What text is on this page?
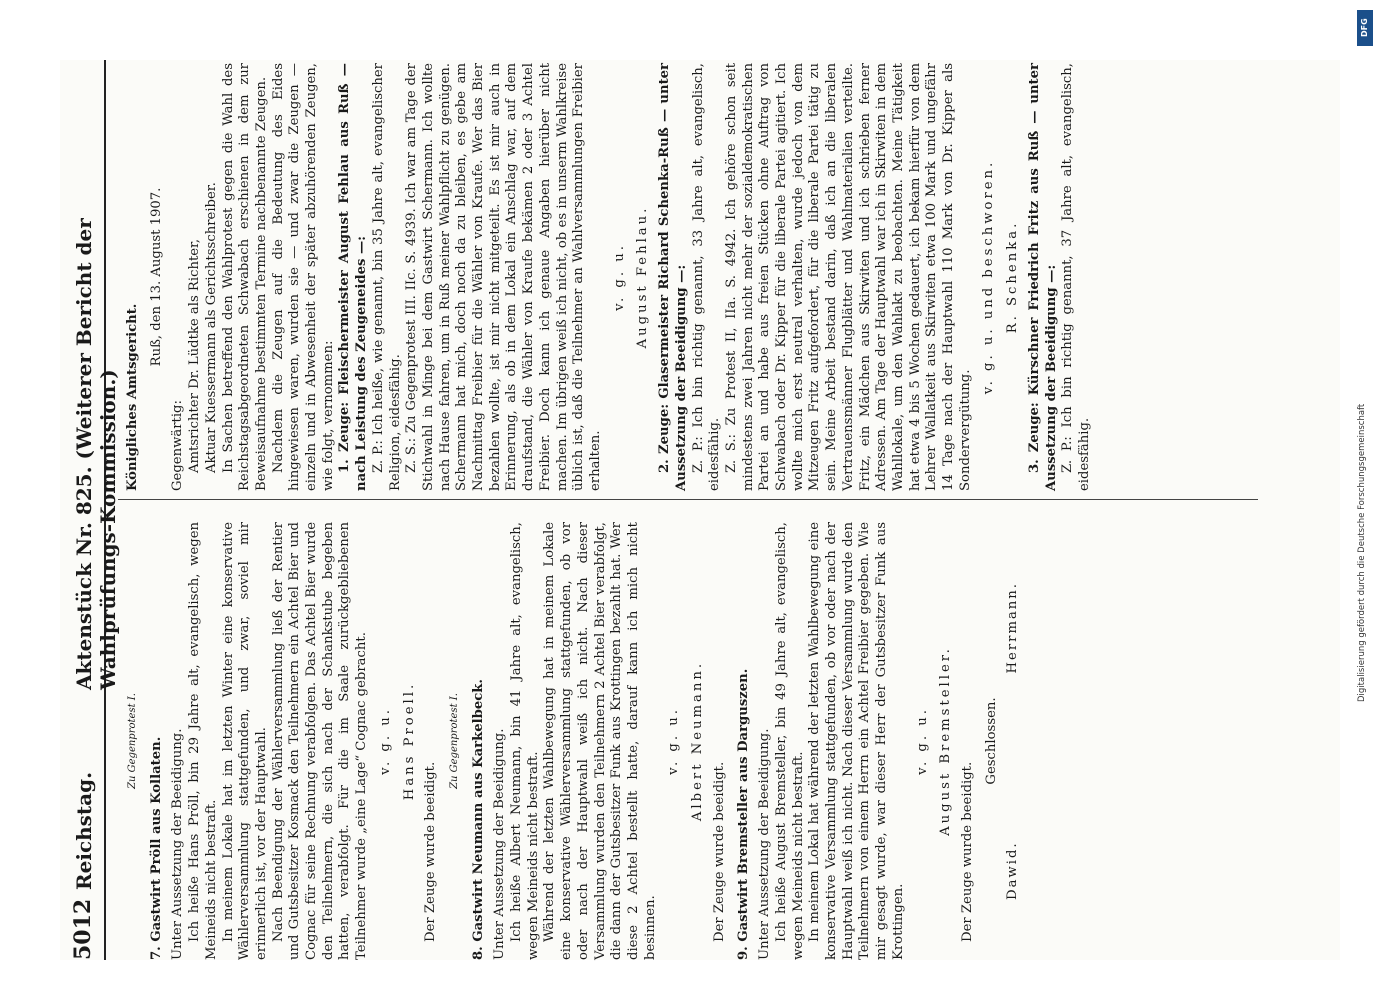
5012
Reichstag.
Aktenstück Nr. 825. (Weiterer Bericht der Wahlprüfungs-Kommission.)

Zu Gegenprotest I. 7. Gastwirt Pröll aus Kollaten. Unter Aussetzung der Beeidigung. Ich heiße Hans Pröll, bin 29 Jahre alt, evangelisch, wegen Meineids nicht bestraft. In meinem Lokale hat im letzten Winter eine konservative Wählerversammlung stattgefunden, und zwar, soviel mir erinnerlich ist, vor der Hauptwahl. Nach Beendigung der Wählerversammlung ließ der Rentier und Gutsbesitzer Kosmack den Teilnehmern ein Achtel Bier und Cognac für seine Rechnung verabfolgen. Das Achtel Bier wurde den Teilnehmern, die sich nach der Schankstube begeben hatten, verabfolgt. Für die im Saale zurückgebliebenen Teilnehmer wurde „eine Lage“ Cognac gebracht. v. g. u. Hans Proell.

Der Zeuge wurde beeidigt.

Zu Gegenprotest I. 8. Gastwirt Neumann aus Karkelbeck. Unter Aussetzung der Beeidigung. Ich heiße Albert Neumann, bin 41 Jahre alt, evangelisch, wegen Meineids nicht bestraft. Während der letzten Wahlbewegung hat in meinem Lokale eine konservative Wählerversammlung stattgefunden, ob vor oder nach der Hauptwahl weiß ich nicht. Nach dieser Versammlung wurden den Teilnehmern 2 Achtel Bier verabfolgt, die dann der Gutsbesitzer Funk aus Krottingen bezahlt hat. Wer diese 2 Achtel bestellt hatte, darauf kann ich mich nicht besinnen.

v. g. u. Albert Neumann.

Der Zeuge wurde beeidigt. 9. Gastwirt Bremsteller aus Darguszen. Unter Aussetzung der Beeidigung. Ich heiße August Bremsteller, bin 49 Jahre alt, evangelisch, wegen Meineids nicht bestraft. In meinem Lokal hat während der letzten Wahlbewegung eine konservative Versammlung stattgefunden, ob vor oder nach der Hauptwahl weiß ich nicht. Nach dieser Versammlung wurde den Teilnehmern von einem Herrn ein Achtel Freibier gegeben. Wie mir gesagt wurde, war dieser Herr der Gutsbesitzer Funk aus Krottingen.

v. g. u. August Bremsteller.

Der Zeuge wurde beeidigt.

Geschlossen.

Dawid.
Herrmann.

Königliches Amtsgericht.

Ruß, den 13. August 1907.

Gegenwärtig: Amtsrichter Dr. Lüdtke als Richter, Aktuar Kuessermann als Gerichtsschreiber. In Sachen betreffend den Wahlprotest gegen die Wahl des Reichstagsabgeordneten Schwabach erschienen in dem zur Beweisaufnahme bestimmten Termine nachbenannte Zeugen. Nachdem die Zeugen auf die Bedeutung des Eides hingewiesen waren, wurden sie — und zwar die Zeugen — einzeln und in Abwesenheit der später abzuhörenden Zeugen, wie folgt, vernommen: 1. Zeuge: Fleischermeister August Fehlau aus Ruß — nach Leistung des Zeugeneides —: Z. P.: Ich heiße, wie genannt, bin 35 Jahre alt, evangelischer Religion, eidesfähig. Z. S.: Zu Gegenprotest III. IIc. S. 4939. Ich war am Tage der Stichwahl in Minge bei dem Gastwirt Schermann. Ich wollte nach Hause fahren, um in Ruß meiner Wahlpflicht zu genügen. Schermann hat mich, doch noch da zu bleiben, es gebe am Nachmittag Freibier für die Wähler von Kraufe. Wer das Bier bezahlen wollte, ist mir nicht mitgeteilt. Es ist mir auch in Erinnerung, als ob in dem Lokal ein Anschlag war, auf dem draufstand, die Wähler von Kraufe bekämen 2 oder 3 Achtel Freibier. Doch kann ich genaue Angaben hierüber nicht machen. Im übrigen weiß ich nicht, ob es in unserm Wahlkreise üblich ist, daß die Teilnehmer an Wahlversammlungen Freibier erhalten.

v. g. u. August Fehlau. 2. Zeuge: Glasermeister Richard Schenka-Ruß — unter Aussetzung der Beeidigung —: Z. P.: Ich bin richtig genannt, 33 Jahre alt, evangelisch, eidesfähig. Z. S.: Zu Protest II, IIa. S. 4942. Ich gehöre schon seit mindestens zwei Jahren nicht mehr der sozialdemokratischen Partei an und habe aus freien Stücken ohne Auftrag von Schwabach oder Dr. Kipper für die liberale Partei agitiert. Ich wollte mich erst neutral verhalten, wurde jedoch von dem Mitzeugen Fritz aufgefordert, für die liberale Partei tätig zu sein. Meine Arbeit bestand darin, daß ich an die liberalen Vertrauensmänner Flugblätter und Wahlmaterialien verteilte. Fritz, ein Mädchen aus Skirwiten und ich schrieben ferner Adressen. Am Tage der Hauptwahl war ich in Skirwiten in dem Wahllokale, um den Wahlakt zu beobachten. Meine Tätigkeit hat etwa 4 bis 5 Wochen gedauert, ich bekam hierfür von dem Lehrer Wallatkeit aus Skirwiten etwa 100 Mark und ungefähr 14 Tage nach der Hauptwahl 110 Mark von Dr. Kipper als Sondervergütung.

v. g. u. und beschworen. R. Schenka. 3. Zeuge: Kürschner Friedrich Fritz aus Ruß — unter Aussetzung der Beeidigung —: Z. P.: Ich bin richtig genannt, 37 Jahre alt, evangelisch, eidesfähig.

DFG
Digitalisierung gefördert durch die Deutsche Forschungsgemeinschaft
